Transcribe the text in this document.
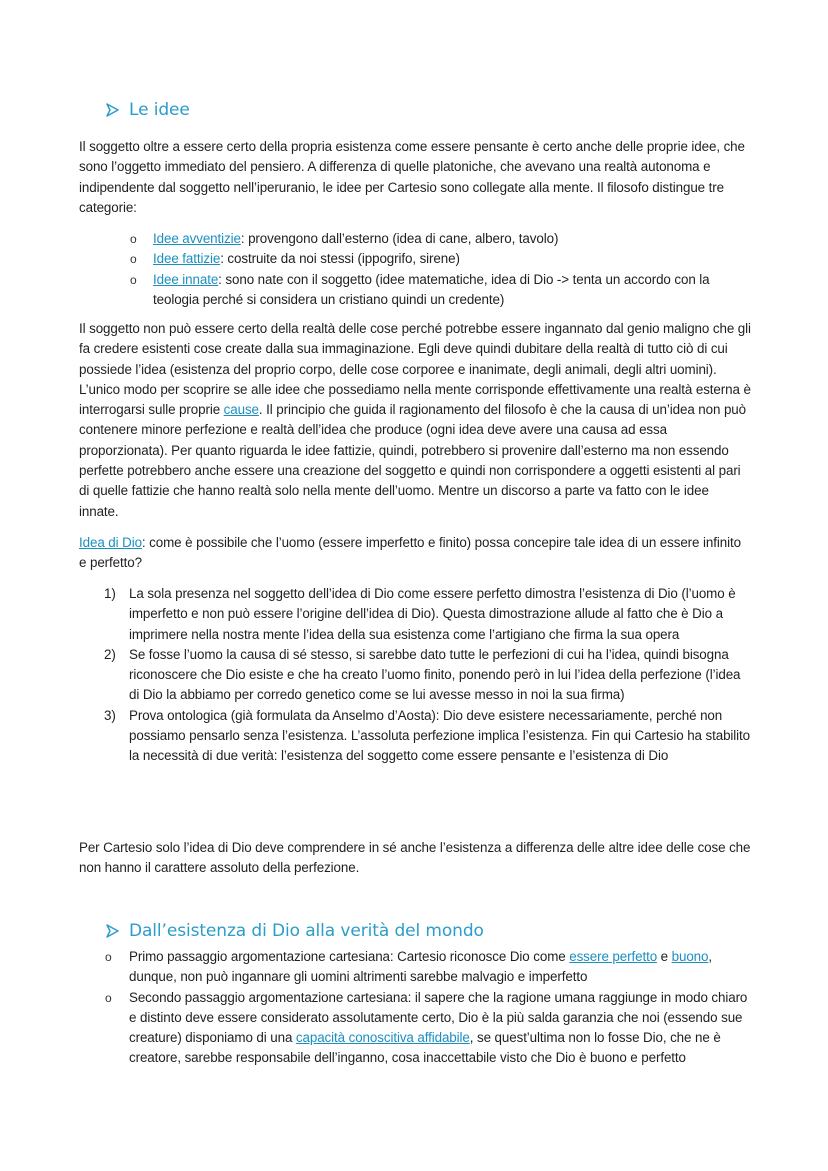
Le idee

Il soggetto oltre a essere certo della propria esistenza come essere pensante è certo anche delle proprie idee, che sono l’oggetto immediato del pensiero. A differenza di quelle platoniche, che avevano una realtà autonoma e indipendente dal soggetto nell’iperuranio, le idee per Cartesio sono collegate alla mente. Il filosofo distingue tre categorie:

o Idee avventizie: provengono dall’esterno (idea di cane, albero, tavolo)
o Idee fattizie: costruite da noi stessi (ippogrifo, sirene)
o Idee innate: sono nate con il soggetto (idee matematiche, idea di Dio -> tenta un accordo con la teologia perché si considera un cristiano quindi un credente)

Il soggetto non può essere certo della realtà delle cose perché potrebbe essere ingannato dal genio maligno che gli fa credere esistenti cose create dalla sua immaginazione. Egli deve quindi dubitare della realtà di tutto ciò di cui possiede l’idea (esistenza del proprio corpo, delle cose corporee e inanimate, degli animali, degli altri uomini). L’unico modo per scoprire se alle idee che possediamo nella mente corrisponde effettivamente una realtà esterna è interrogarsi sulle proprie cause. Il principio che guida il ragionamento del filosofo è che la causa di un’idea non può contenere minore perfezione e realtà dell’idea che produce (ogni idea deve avere una causa ad essa proporzionata). Per quanto riguarda le idee fattizie, quindi, potrebbero si provenire dall’esterno ma non essendo perfette potrebbero anche essere una creazione del soggetto e quindi non corrispondere a oggetti esistenti al pari di quelle fattizie che hanno realtà solo nella mente dell’uomo. Mentre un discorso a parte va fatto con le idee innate.

Idea di Dio: come è possibile che l’uomo (essere imperfetto e finito) possa concepire tale idea di un essere infinito e perfetto?

1) La sola presenza nel soggetto dell’idea di Dio come essere perfetto dimostra l’esistenza di Dio (l’uomo è imperfetto e non può essere l’origine dell’idea di Dio). Questa dimostrazione allude al fatto che è Dio a imprimere nella nostra mente l’idea della sua esistenza come l’artigiano che firma la sua opera
2) Se fosse l’uomo la causa di sé stesso, si sarebbe dato tutte le perfezioni di cui ha l’idea, quindi bisogna riconoscere che Dio esiste e che ha creato l’uomo finito, ponendo però in lui l’idea della perfezione (l’idea di Dio la abbiamo per corredo genetico come se lui avesse messo in noi la sua firma)
3) Prova ontologica (già formulata da Anselmo d’Aosta): Dio deve esistere necessariamente, perché non possiamo pensarlo senza l’esistenza. L’assoluta perfezione implica l’esistenza. Fin qui Cartesio ha stabilito la necessità di due verità: l’esistenza del soggetto come essere pensante e l’esistenza di Dio

Per Cartesio solo l’idea di Dio deve comprendere in sé anche l’esistenza a differenza delle altre idee delle cose che non hanno il carattere assoluto della perfezione.

Dall’esistenza di Dio alla verità del mondo
o Primo passaggio argomentazione cartesiana: Cartesio riconosce Dio come essere perfetto e buono, dunque, non può ingannare gli uomini altrimenti sarebbe malvagio e imperfetto
o Secondo passaggio argomentazione cartesiana: il sapere che la ragione umana raggiunge in modo chiaro e distinto deve essere considerato assolutamente certo, Dio è la più salda garanzia che noi (essendo sue creature) disponiamo di una capacità conoscitiva affidabile, se quest’ultima non lo fosse Dio, che ne è creatore, sarebbe responsabile dell’inganno, cosa inaccettabile visto che Dio è buono e perfetto
